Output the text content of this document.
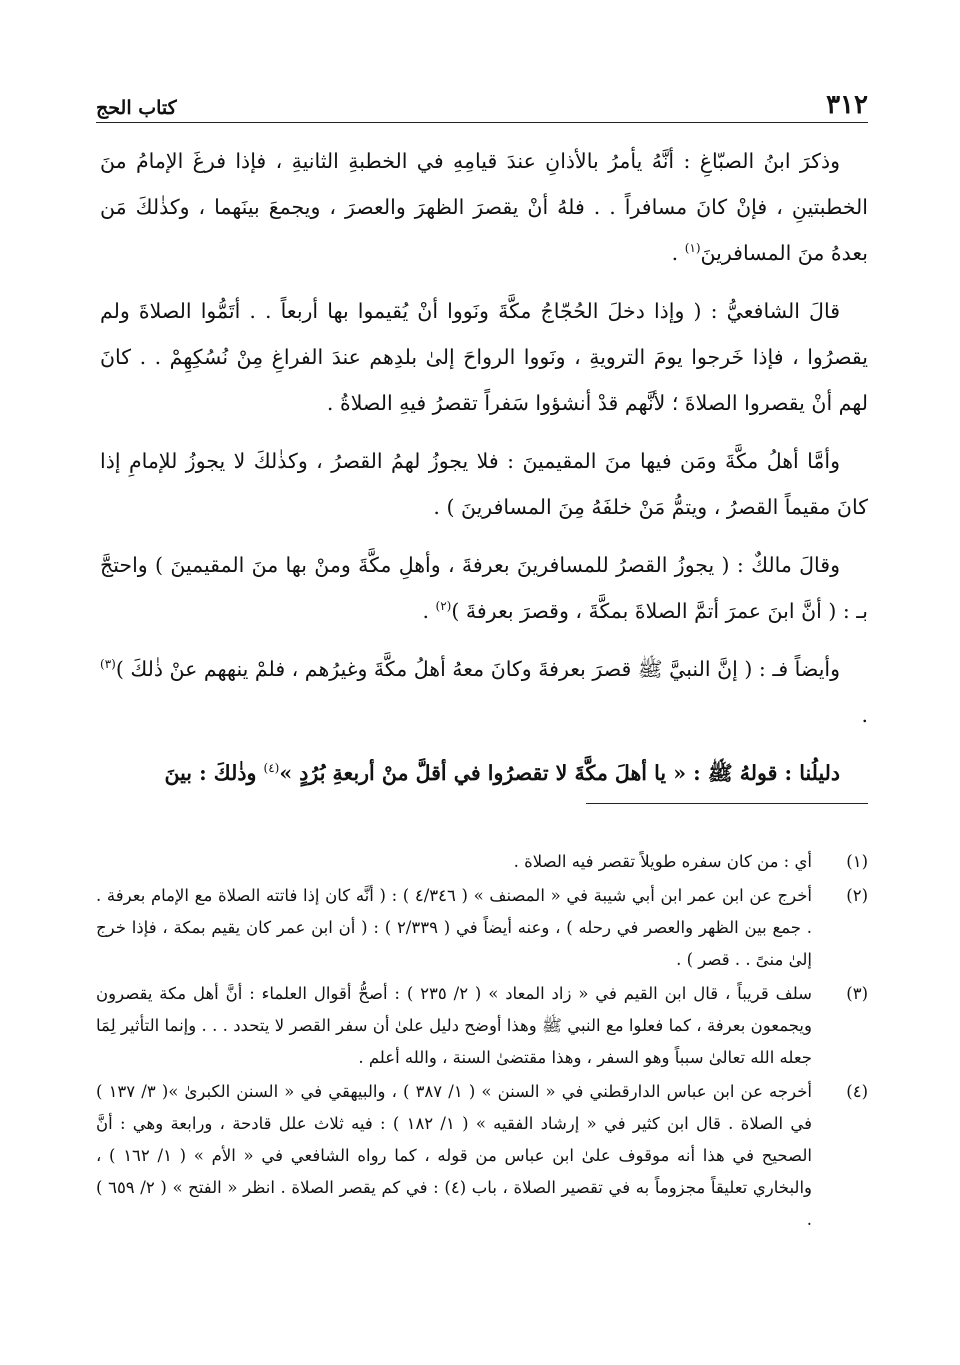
٣١٢
كتاب الحج

وذكرَ ابنُ الصبّاغِ : أنَّهُ يأمرُ بالأذانِ عندَ قيامِهِ في الخطبةِ الثانيةِ ، فإذا فرغَ الإمامُ منَ الخطبتينِ ، فإنْ كانَ مسافراً . . فلهُ أنْ يقصرَ الظهرَ والعصرَ ، ويجمعَ بينَهما ، وكذٰلكَ مَن بعدهُ منَ المسافرينَ$^{(١)}$ .

قالَ الشافعيُّ : ( وإذا دخلَ الحُجّاجُ مكَّةَ ونَووا أنْ يُقيموا بها أربعاً . . أتَمُّوا الصلاةَ ولم يقصرُوا ، فإذا خَرجوا يومَ الترويةِ ، ونَووا الرواحَ إلىٰ بلدِهم عندَ الفراغِ مِنْ نُسُكِهِمْ . . كانَ لهم أنْ يقصروا الصلاةَ ؛ لأنَّهم قدْ أنشؤوا سَفراً تقصرُ فيهِ الصلاةُ .

وأمَّا أهلُ مكَّةَ ومَن فيها منَ المقيمينَ : فلا يجوزُ لهمُ القصرُ ، وكذٰلكَ لا يجوزُ للإمامِ إذا كانَ مقيماً القصرُ ، ويتمُّ مَنْ خلفَهُ مِنَ المسافرينَ ) .

وقالَ مالكٌ : ( يجوزُ القصرُ للمسافرينَ بعرفةَ ، وأهلِ مكَّةَ ومنْ بها منَ المقيمينَ ) واحتجَّ بـ : ( أنَّ ابنَ عمرَ أتمَّ الصلاةَ بمكَّةَ ، وقصرَ بعرفةَ )$^{(٢)}$ .

وأيضاً فـ : ( إنَّ النبيَّ ﷺ قصرَ بعرفةَ وكانَ معهُ أهلُ مكَّةَ وغيرُهم ، فلمْ ينههم عنْ ذٰلكَ )$^{(٣)}$ .

دليلُنا : قولهُ ﷺ : « يا أهلَ مكَّةَ لا تقصرُوا في أقلَّ منْ أربعةِ بُرُدٍ »$^{(٤)}$ وذٰلكَ : بينَ

(١)
أي : من كان سفره طويلاً تقصر فيه الصلاة .
(٢)
أخرج عن ابن عمر ابن أبي شيبة في « المصنف » ( ٤/٣٤٦ ) : ( أنَّه كان إذا فاتته الصلاة مع الإمام بعرفة . . جمع بين الظهر والعصر في رحله ) ، وعنه أيضاً في ( ٢/٣٣٩ ) : ( أن ابن عمر كان يقيم بمكة ، فإذا خرج إلىٰ منىً . . قصر ) .
(٣)
سلف قريباً ، قال ابن القيم في « زاد المعاد » ( ٢/ ٢٣٥ ) : أصحُّ أقوال العلماء : أنَّ أهل مكة يقصرون ويجمعون بعرفة ، كما فعلوا مع النبي ﷺ وهذا أوضح دليل علىٰ أن سفر القصر لا يتحدد . . . وإنما التأثير لِمَا جعله الله تعالىٰ سبباً وهو السفر ، وهذا مقتضىٰ السنة ، والله أعلم .
(٤)
أخرجه عن ابن عباس الدارقطني في « السنن » ( ١/ ٣٨٧ ) ، والبيهقي في « السنن الكبرىٰ »( ٣/ ١٣٧ ) في الصلاة . قال ابن كثير في « إرشاد الفقيه » ( ١/ ١٨٢ ) : فيه ثلاث علل قادحة ، ورابعة وهي : أنَّ الصحيح في هذا أنه موقوف علىٰ ابن عباس من قوله ، كما رواه الشافعي في « الأم » ( ١/ ١٦٢ ) ، والبخاري تعليقاً مجزوماً به في تقصير الصلاة ، باب (٤) : في كم يقصر الصلاة . انظر « الفتح » ( ٢/ ٦٥٩ ) .
